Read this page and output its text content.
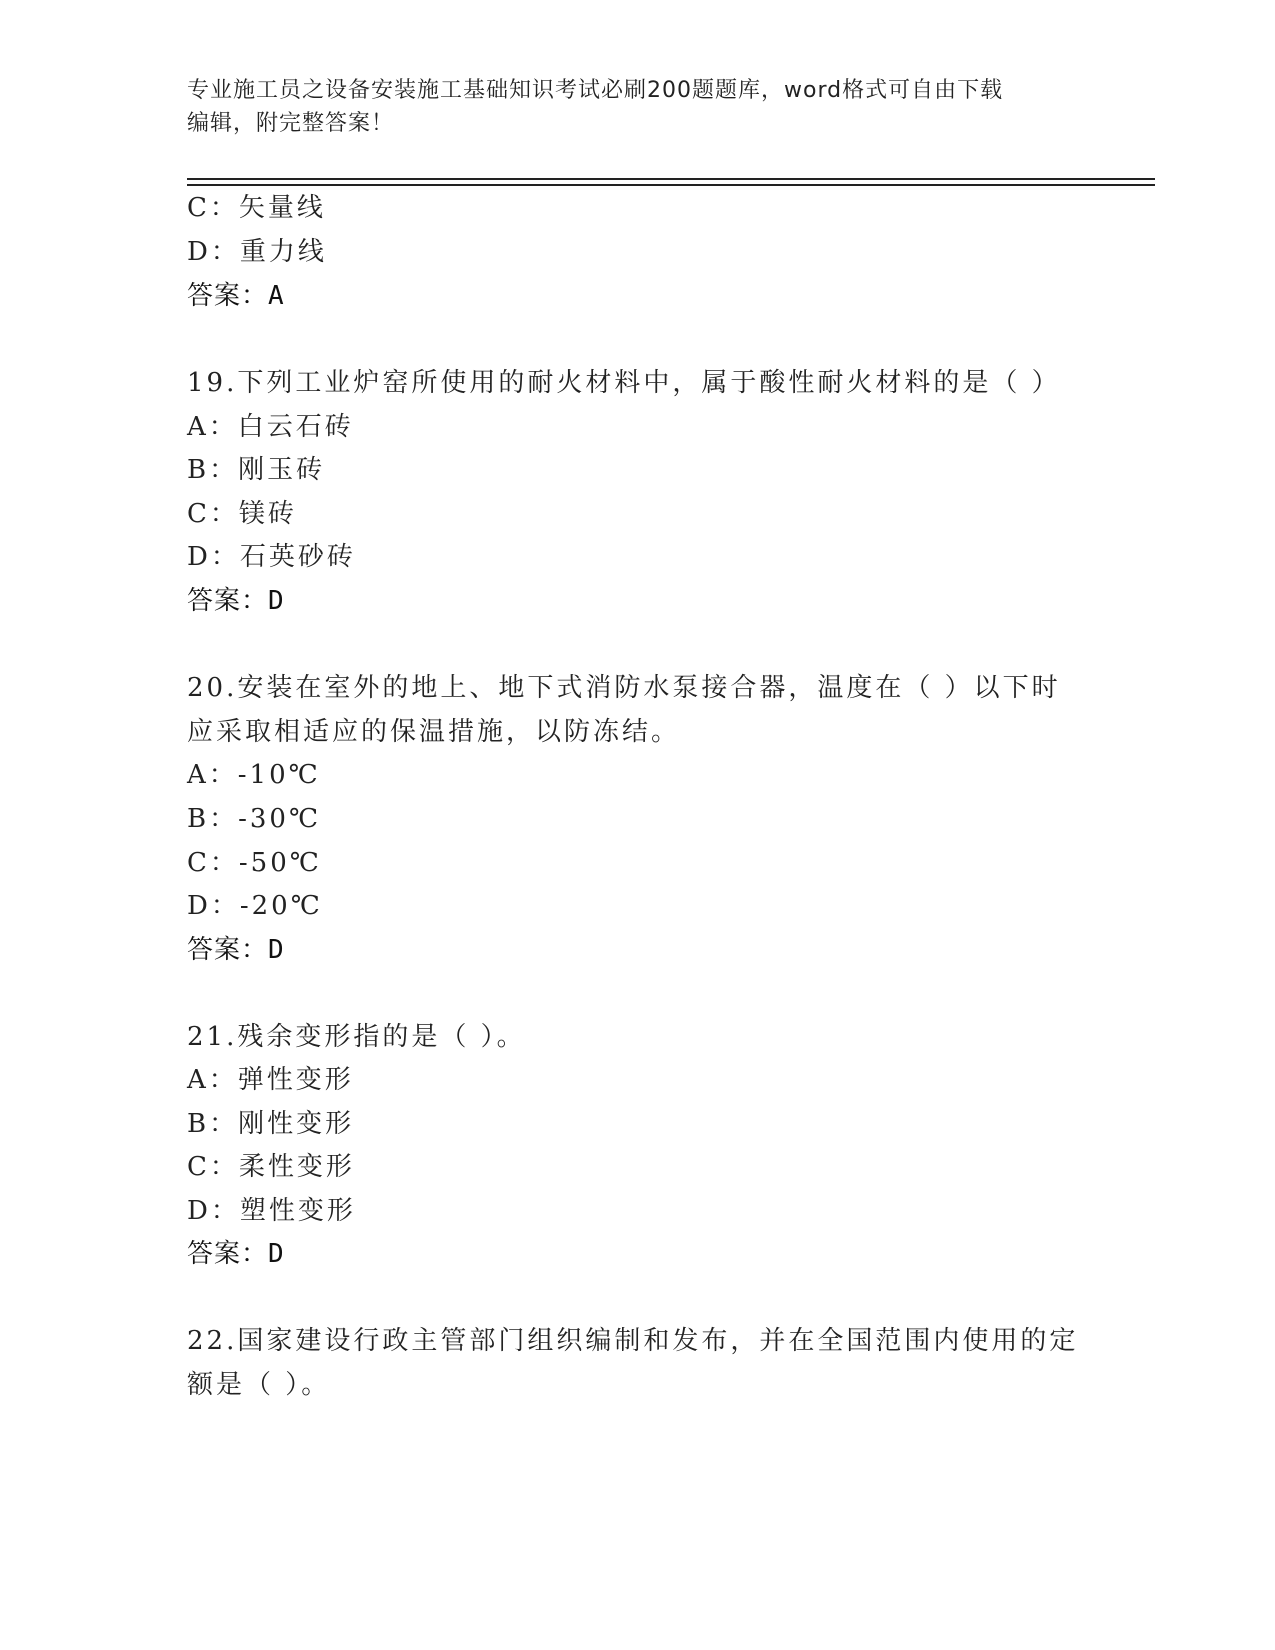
专业施工员之设备安装施工基础知识考试必刷200题题库，word格式可自由下载
编辑，附完整答案！
C：矢量线
D：重力线
答案：A
19.下列工业炉窑所使用的耐火材料中，属于酸性耐火材料的是（ ）
A：白云石砖
B：刚玉砖
C：镁砖
D：石英砂砖
答案：D
20.安装在室外的地上、地下式消防水泵接合器，温度在（ ）以下时
应采取相适应的保温措施，以防冻结。
A：-10℃
B：-30℃
C：-50℃
D：-20℃
答案：D
21.残余变形指的是（ ）。
A：弹性变形
B：刚性变形
C：柔性变形
D：塑性变形
答案：D
22.国家建设行政主管部门组织编制和发布，并在全国范围内使用的定
额是（ ）。
